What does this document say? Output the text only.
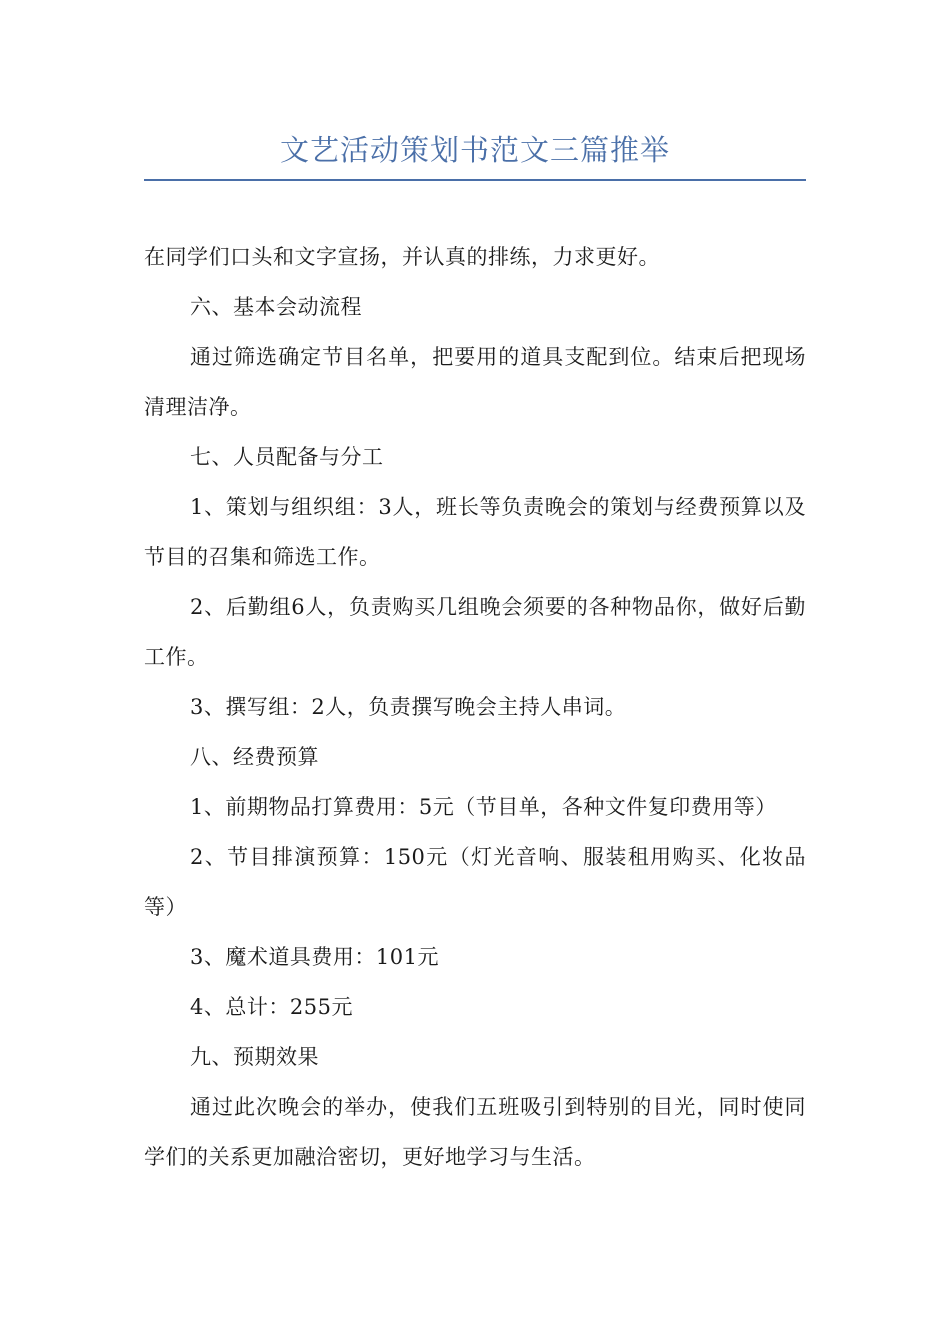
文艺活动策划书范文三篇推举

在同学们口头和文字宣扬，并认真的排练，力求更好。

六、基本会动流程

通过筛选确定节目名单，把要用的道具支配到位。结束后把现场清理洁净。

七、人员配备与分工

1、策划与组织组：3人，班长等负责晚会的策划与经费预算以及节目的召集和筛选工作。

2、后勤组6人，负责购买几组晚会须要的各种物品你，做好后勤工作。

3、撰写组：2人，负责撰写晚会主持人串词。

八、经费预算

1、前期物品打算费用：5元（节目单，各种文件复印费用等）

2、节目排演预算：150元（灯光音响、服装租用购买、化妆品等）

3、魔术道具费用：101元

4、总计：255元

九、预期效果

通过此次晚会的举办，使我们五班吸引到特别的目光，同时使同学们的关系更加融洽密切，更好地学习与生活。
